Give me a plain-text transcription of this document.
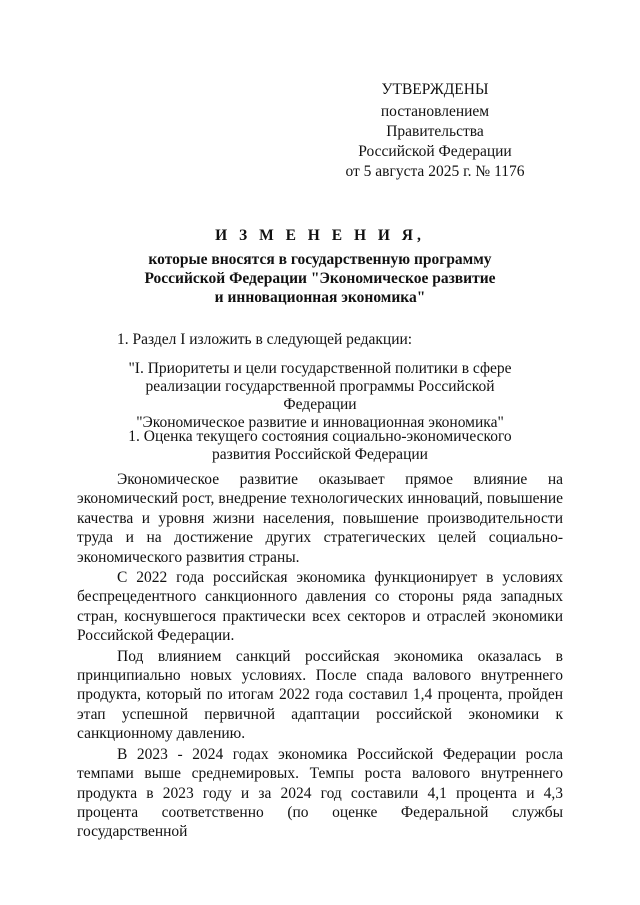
УТВЕРЖДЕНЫ
постановлением Правительства
Российской Федерации
от 5 августа 2025 г. № 1176
И З М Е Н Е Н И Я,
которые вносятся в государственную программу
Российской Федерации "Экономическое развитие
и инновационная экономика"
1. Раздел I изложить в следующей редакции:
"I. Приоритеты и цели государственной политики в сфере
реализации государственной программы Российской Федерации
"Экономическое развитие и инновационная экономика"
1. Оценка текущего состояния социально-экономического
развития Российской Федерации

Экономическое развитие оказывает прямое влияние на экономический рост, внедрение технологических инноваций, повышение качества и уровня жизни населения, повышение производительности труда и на достижение других стратегических целей социально-экономического развития страны.

С 2022 года российская экономика функционирует в условиях беспрецедентного санкционного давления со стороны ряда западных стран, коснувшегося практически всех секторов и отраслей экономики Российской Федерации.

Под влиянием санкций российская экономика оказалась в принципиально новых условиях. После спада валового внутреннего продукта, который по итогам 2022 года составил 1,4 процента, пройден этап успешной первичной адаптации российской экономики к санкционному давлению.

В 2023 - 2024 годах экономика Российской Федерации росла темпами выше среднемировых. Темпы роста валового внутреннего продукта в 2023 году и за 2024 год составили 4,1 процента и 4,3 процента соответственно (по оценке Федеральной службы государственной
